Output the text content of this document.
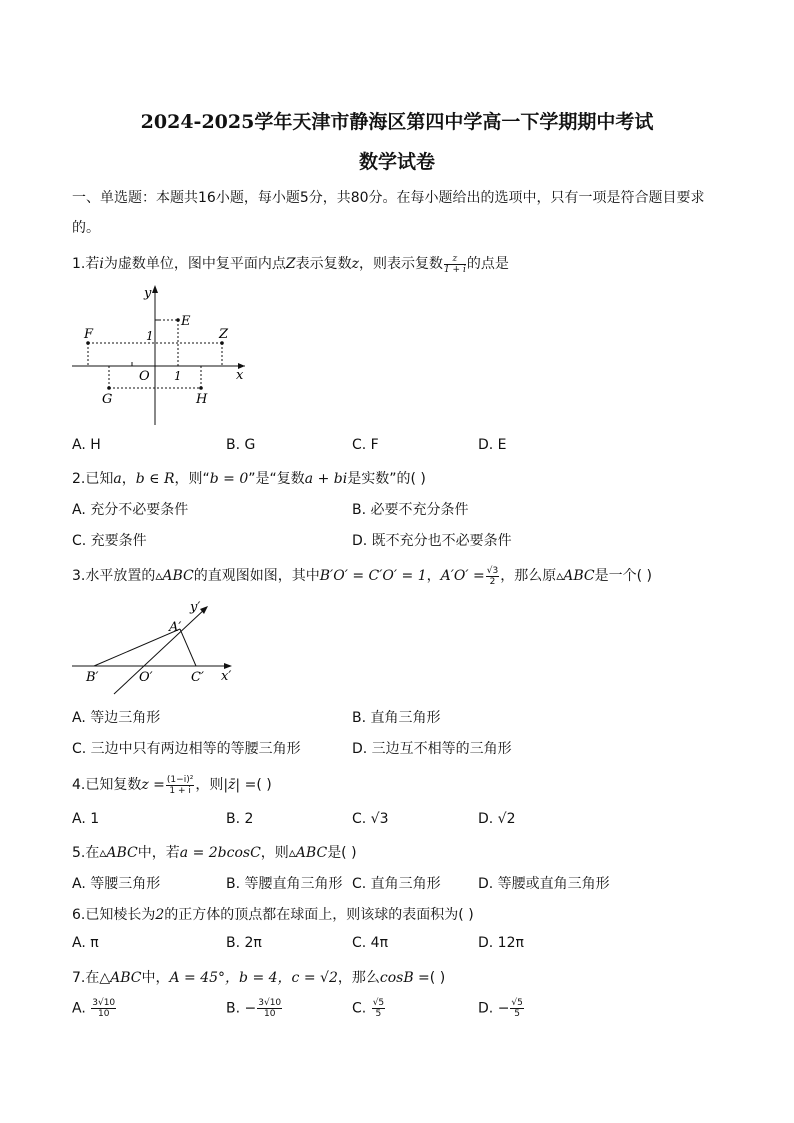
2024-2025学年天津市静海区第四中学高一下学期期中考试
数学试卷
一、单选题：本题共16小题，每小题5分，共80分。在每小题给出的选项中，只有一项是符合题目要求
的。
1.若i为虚数单位，图中复平面内点Z表示复数z，则表示复数 $\frac{z}{1 + i}$ 的点是
y
x
O
E
F	Z
G	H
1
1
A. H	B. G	C. F	D. E
2.已知a，b ∈ R，则“b = 0”是“复数a + bi是实数”的( )
A. 充分不必要条件	B. 必要不充分条件
C. 充要条件	D. 既不充分也不必要条件
3.水平放置的▵ABC的直观图如图，其中B′O′ = C′O′ = 1，$A'O' = \frac{√3}{2}$ ，那么原▵ABC是一个( )
y′
x′
A′
B′	O′	C′
A. 等边三角形	B. 直角三角形
C. 三边中只有两边相等的等腰三角形	D. 三边互不相等的三角形
4.已知复数$z = \frac{\text{(1−i)²}}{1 + i}$ ，则|z̄| =( )
A. 1	B. 2	C. √3	D. √2
5.在▵ABC中，若a = 2bcosC，则▵ABC是( )
A. 等腰三角形	B. 等腰直角三角形 C. 直角三角形	D. 等腰或直角三角形
6.已知棱长为2的正方体的顶点都在球面上，则该球的表面积为( )
A. π	B. 2π	C. 4π	D. 12π
7.在△ABC中，A = 45°，b = 4，c = √2，那么cosB =( )
A. $\frac{3√10}{10}$	B. − $\frac{3√10}{10}$	C. $\frac{√5}{5}$	D. − $\frac{√5}{5}$
